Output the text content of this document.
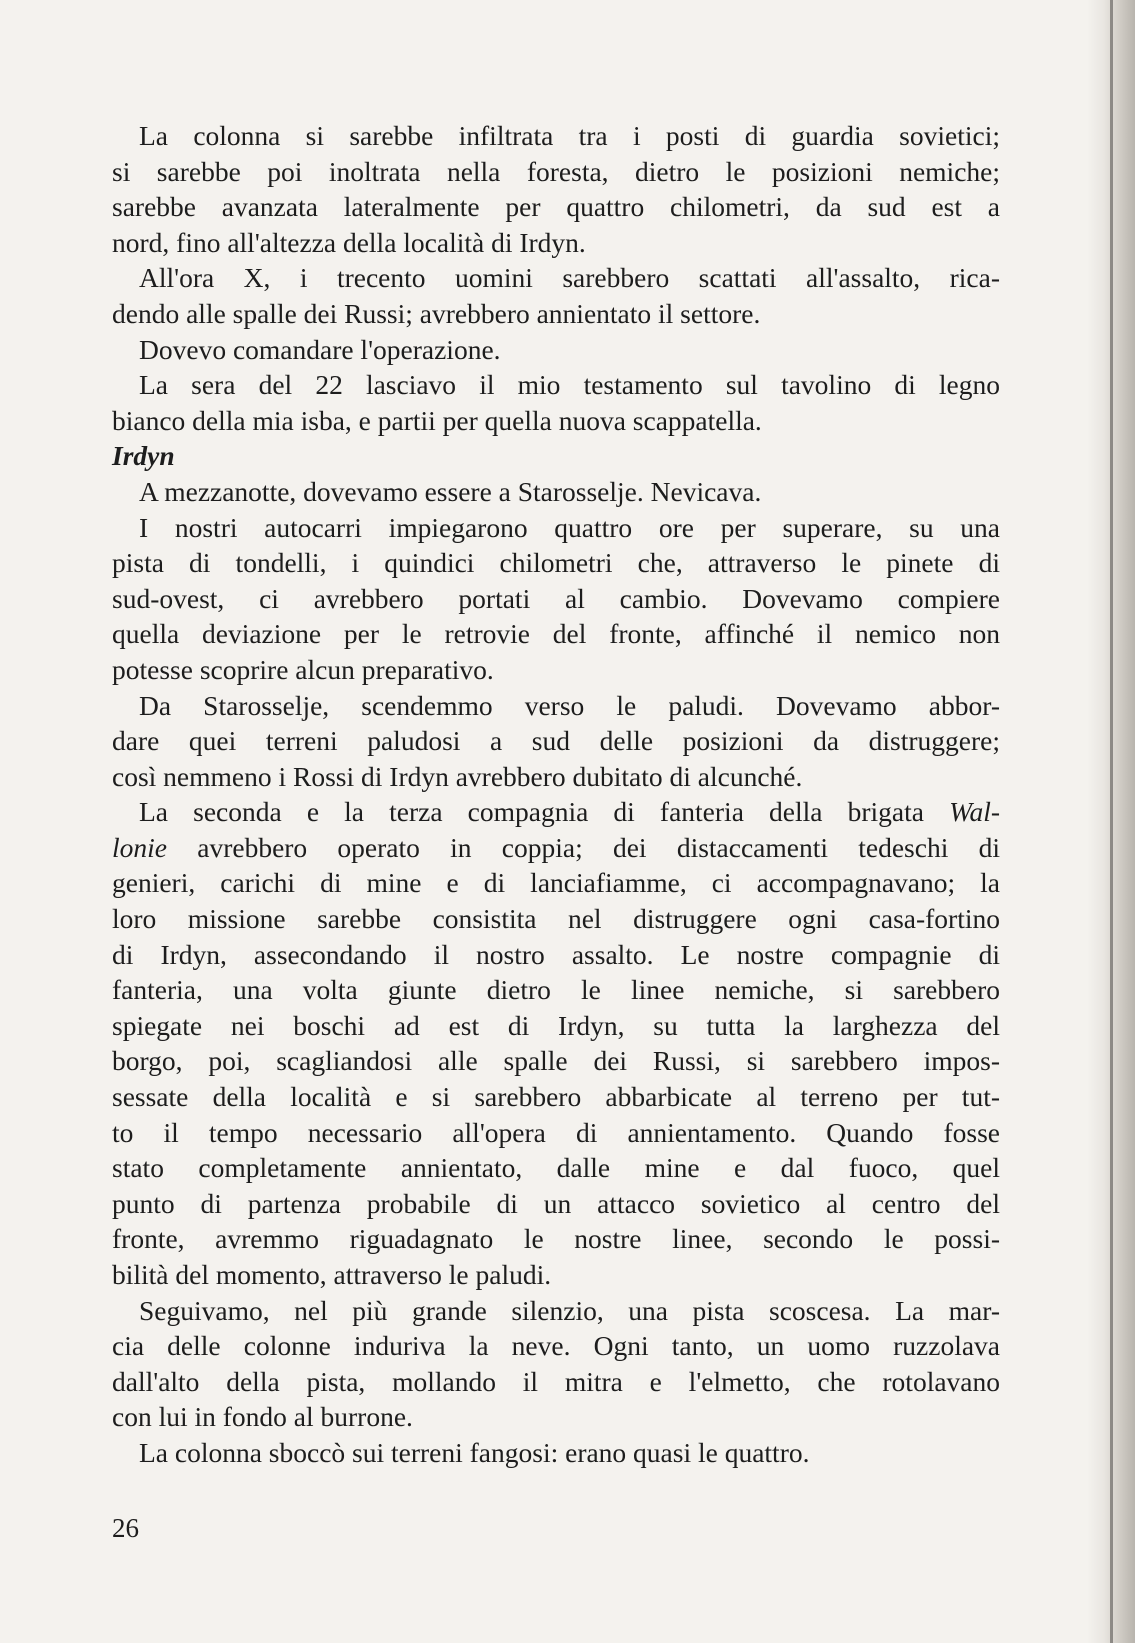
La colonna si sarebbe infiltrata tra i posti di guardia sovietici;
si sarebbe poi inoltrata nella foresta, dietro le posizioni nemiche;
sarebbe avanzata lateralmente per quattro chilometri, da sud est a
nord, fino all'altezza della località di Irdyn.
All'ora X, i trecento uomini sarebbero scattati all'assalto, rica-
dendo alle spalle dei Russi; avrebbero annientato il settore.
Dovevo comandare l'operazione.
La sera del 22 lasciavo il mio testamento sul tavolino di legno
bianco della mia isba, e partii per quella nuova scappatella.
Irdyn
A mezzanotte, dovevamo essere a Starosselje. Nevicava.
I nostri autocarri impiegarono quattro ore per superare, su una
pista di tondelli, i quindici chilometri che, attraverso le pinete di
sud-ovest, ci avrebbero portati al cambio. Dovevamo compiere
quella deviazione per le retrovie del fronte, affinché il nemico non
potesse scoprire alcun preparativo.
Da Starosselje, scendemmo verso le paludi. Dovevamo abbor-
dare quei terreni paludosi a sud delle posizioni da distruggere;
così nemmeno i Rossi di Irdyn avrebbero dubitato di alcunché.
La seconda e la terza compagnia di fanteria della brigata Wal-
lonie avrebbero operato in coppia; dei distaccamenti tedeschi di
genieri, carichi di mine e di lanciafiamme, ci accompagnavano; la
loro missione sarebbe consistita nel distruggere ogni casa-fortino
di Irdyn, assecondando il nostro assalto. Le nostre compagnie di
fanteria, una volta giunte dietro le linee nemiche, si sarebbero
spiegate nei boschi ad est di Irdyn, su tutta la larghezza del
borgo, poi, scagliandosi alle spalle dei Russi, si sarebbero impos-
sessate della località e si sarebbero abbarbicate al terreno per tut-
to il tempo necessario all'opera di annientamento. Quando fosse
stato completamente annientato, dalle mine e dal fuoco, quel
punto di partenza probabile di un attacco sovietico al centro del
fronte, avremmo riguadagnato le nostre linee, secondo le possi-
bilità del momento, attraverso le paludi.
Seguivamo, nel più grande silenzio, una pista scoscesa. La mar-
cia delle colonne induriva la neve. Ogni tanto, un uomo ruzzolava
dall'alto della pista, mollando il mitra e l'elmetto, che rotolavano
con lui in fondo al burrone.
La colonna sboccò sui terreni fangosi: erano quasi le quattro.
26
